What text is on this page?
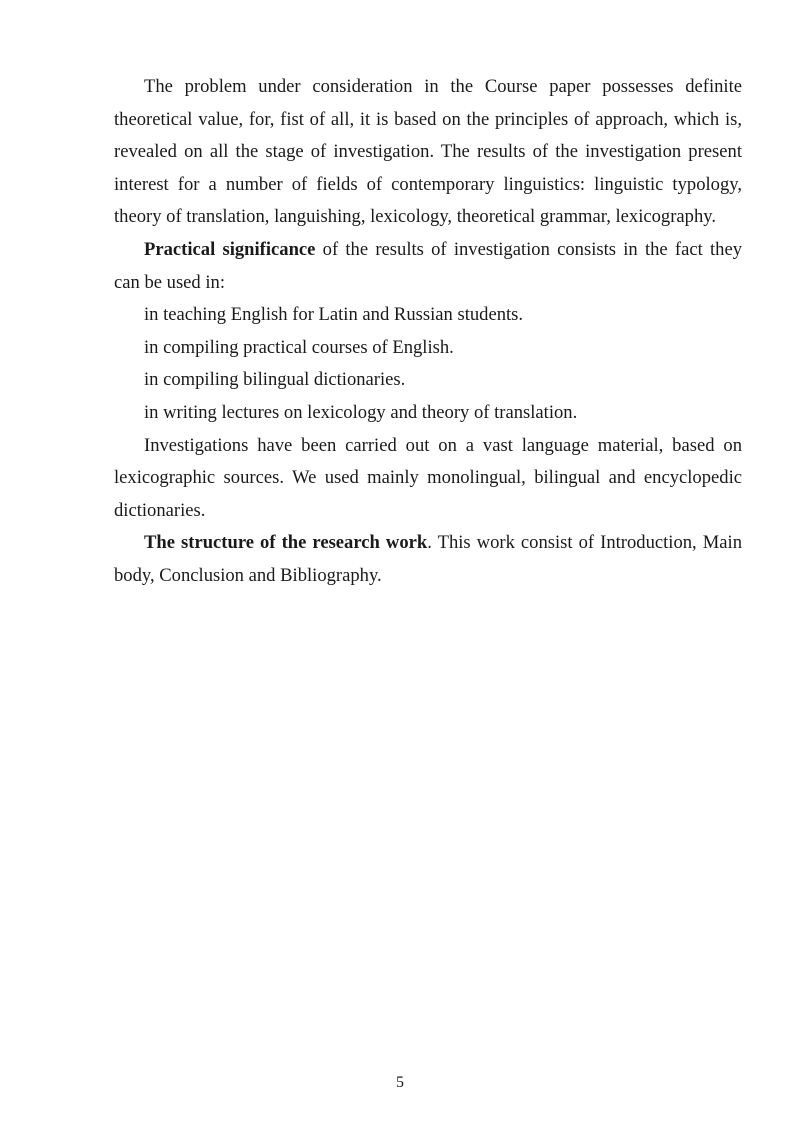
The problem under consideration in the Course paper possesses definite theoretical value, for, fist of all, it is based on the principles of approach, which is, revealed on all the stage of investigation. The results of the investigation present interest for a number of fields of contemporary linguistics: linguistic typology, theory of translation, languishing, lexicology, theoretical grammar, lexicography.

Practical significance of the results of investigation consists in the fact they can be used in:

in teaching English for Latin and Russian students.

in compiling practical courses of English.

in compiling bilingual dictionaries.

in writing lectures on lexicology and theory of translation.

Investigations have been carried out on a vast language material, based on lexicographic sources. We used mainly monolingual, bilingual and encyclopedic dictionaries.

The structure of the research work. This work consist of Introduction, Main body, Conclusion and Bibliography.

5
